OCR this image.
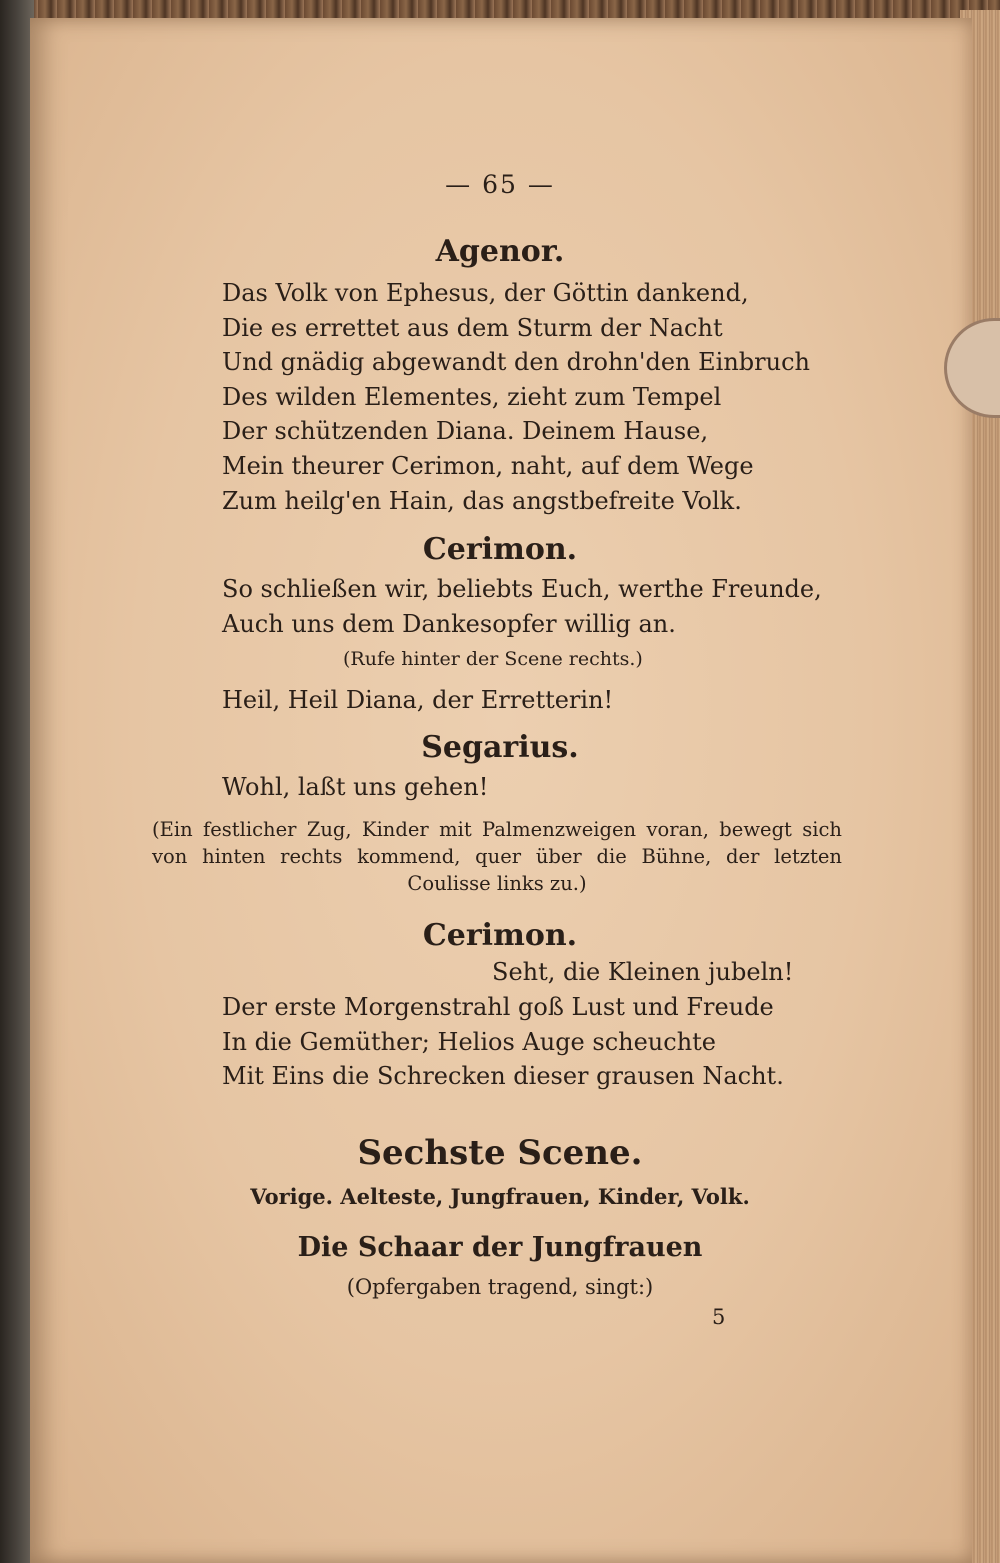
— 65 —
Agenor.
Das Volk von Ephesus, der Göttin dankend,
Die es errettet aus dem Sturm der Nacht
Und gnädig abgewandt den drohn'den Einbruch
Des wilden Elementes, zieht zum Tempel
Der schützenden Diana. Deinem Hause,
Mein theurer Cerimon, naht, auf dem Wege
Zum heilg'en Hain, das angstbefreite Volk.
Cerimon.
So schließen wir, beliebts Euch, werthe Freunde,
Auch uns dem Dankesopfer willig an.
(Rufe hinter der Scene rechts.)
Heil, Heil Diana, der Erretterin!
Segarius.
Wohl, laßt uns gehen!
(Ein festlicher Zug, Kinder mit Palmenzweigen voran, bewegt sich von hinten rechts kommend, quer über die Bühne, der letzten Coulisse links zu.)
Cerimon.
Seht, die Kleinen jubeln!
Der erste Morgenstrahl goß Lust und Freude
In die Gemüther; Helios Auge scheuchte
Mit Eins die Schrecken dieser grausen Nacht.
Sechste Scene.
Vorige. Aelteste, Jungfrauen, Kinder, Volk.
Die Schaar der Jungfrauen
(Opfergaben tragend, singt:)
5
